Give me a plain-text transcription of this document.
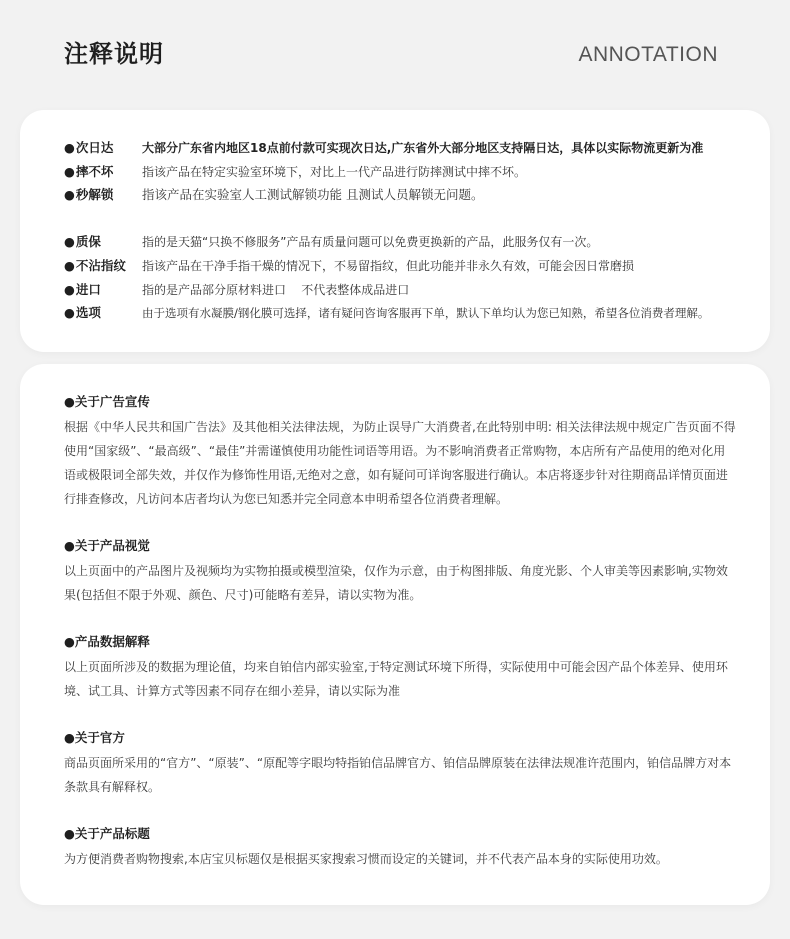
注释说明	ANNOTATION
●次日达 大部分广东省内地区18点前付款可实现次日达,广东省外大部分地区支持隔日达，具体以实际物流更新为准
●摔不坏 指该产品在特定实验室环境下，对比上一代产品进行防摔测试中摔不坏。
●秒解锁 指该产品在实验室人工测试解锁功能 且测试人员解锁无问题。
●质保	指的是天猫“只换不修服务”产品有质量问题可以免费更换新的产品，此服务仅有一次。
●不沾指纹 指该产品在干净手指干燥的情况下，不易留指纹，但此功能并非永久有效，可能会因日常磨损
●进口	指的是产品部分原材料进口    不代表整体成品进口
●选项	由于选项有水凝膜/钢化膜可选择，诸有疑问咨询客服再下单，默认下单均认为您已知熟，希望各位消费者理解。
●关于广告宣传
根据《中华人民共和国广告法》及其他相关法律法规，为防止误导广大消费者,在此特别申明: 相关法律法规中规定广告页面不得使用“国家级”、“最高级”、“最佳”并需谨慎使用功能性词语等用语。为不影响消费者正常购物，本店所有产品使用的绝对化用语或极限词全部失效，并仅作为修饰性用语,无绝对之意，如有疑问可详询客服进行确认。本店将逐步针对往期商品详情页面进行排查修改，凡访问本店者均认为您已知悉并完全同意本申明希望各位消费者理解。
●关于产品视觉
以上页面中的产品图片及视频均为实物拍摄或模型渲染，仅作为示意，由于构图排版、角度光影、个人审美等因素影响,实物效果(包括但不限于外观、颜色、尺寸)可能略有差异，请以实物为准。
●产品数据解释
以上页面所涉及的数据为理论值，均来自铂信内部实验室,于特定测试环境下所得，实际使用中可能会因产品个体差异、使用环境、试工具、计算方式等因素不同存在细小差异，请以实际为准
●关于官方
商品页面所采用的“官方”、“原装”、“原配等字眼均特指铂信品牌官方、铂信品牌原装在法律法规准许范围内，铂信品牌方对本条款具有解释权。
●关于产品标题
为方便消费者购物搜索,本店宝贝标题仅是根据买家搜索习惯而设定的关键词，并不代表产品本身的实际使用功效。
